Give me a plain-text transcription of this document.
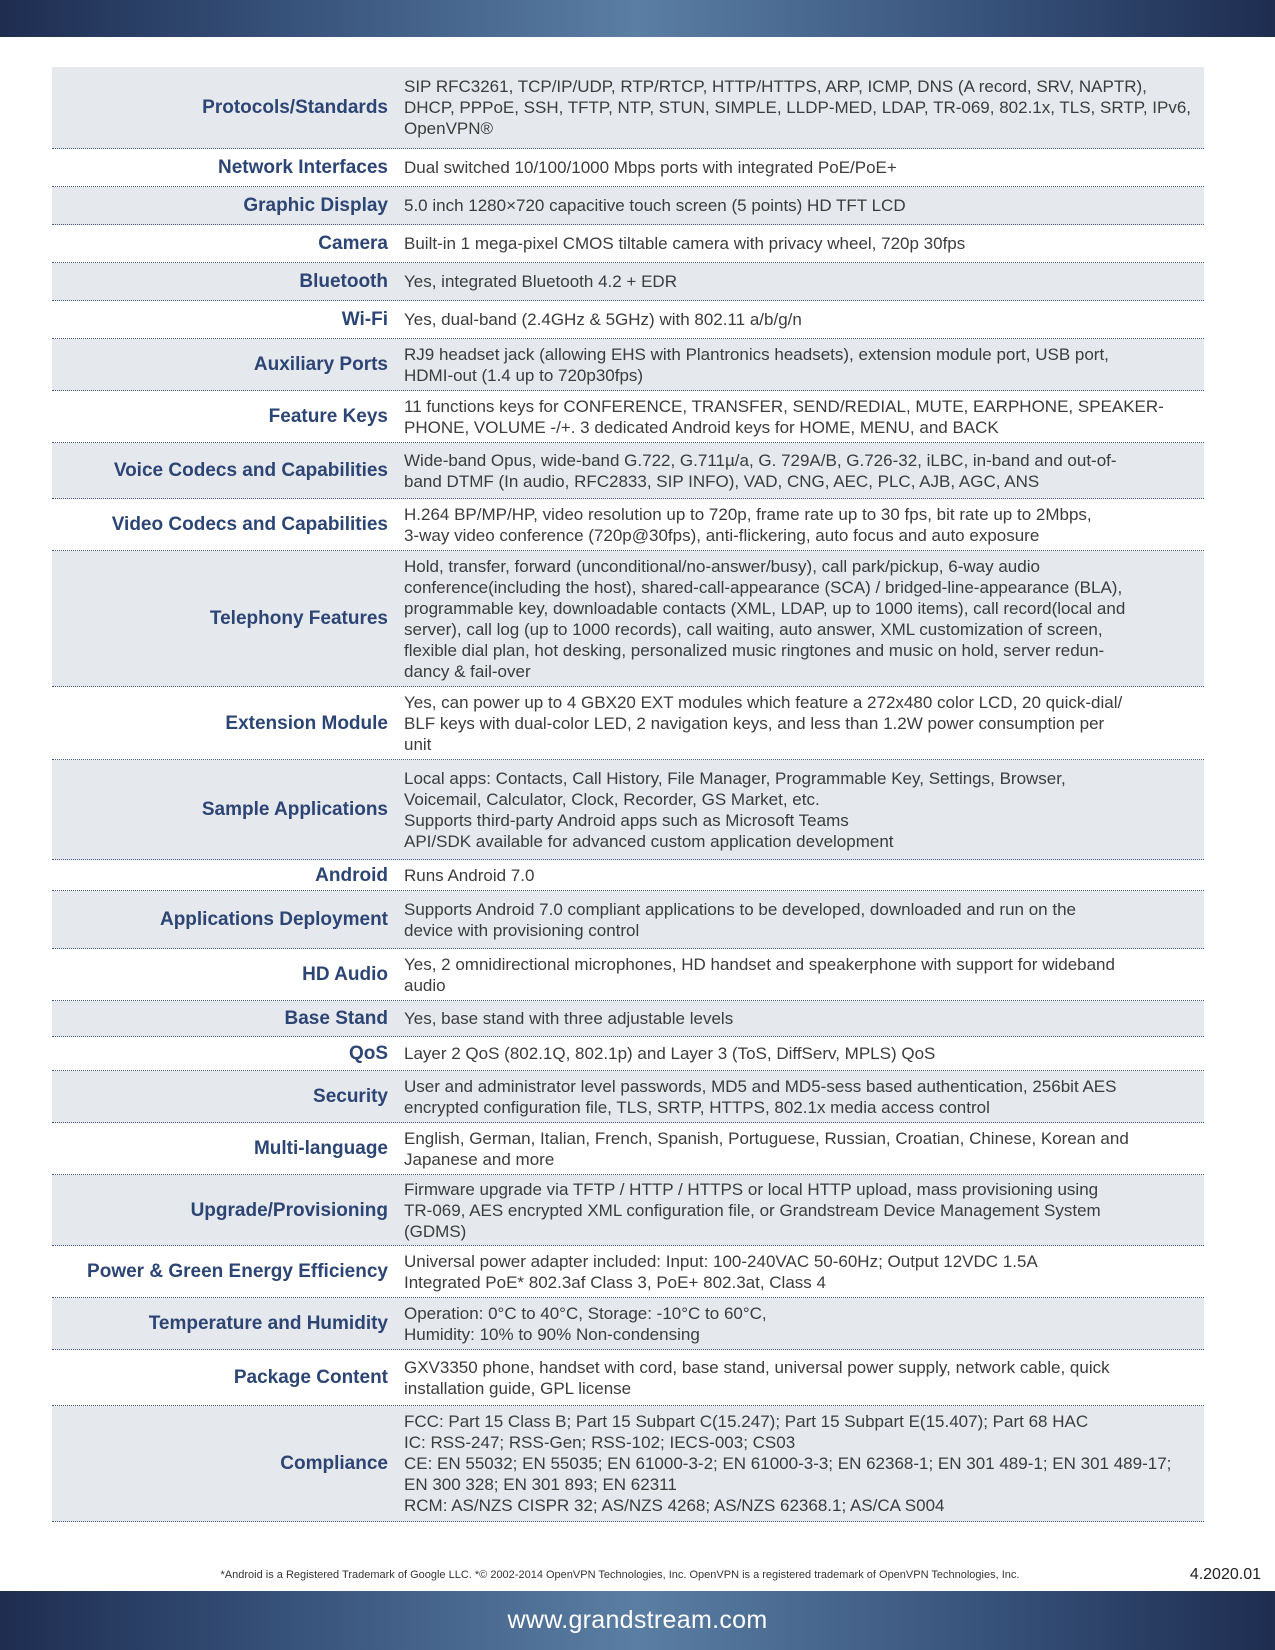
Protocols/Standards
SIP RFC3261, TCP/IP/UDP, RTP/RTCP, HTTP/HTTPS, ARP, ICMP, DNS (A record, SRV, NAPTR),
DHCP, PPPoE, SSH, TFTP, NTP, STUN, SIMPLE, LLDP-MED, LDAP, TR-069, 802.1x, TLS, SRTP, IPv6,
OpenVPN®
Network Interfaces Dual switched 10/100/1000 Mbps ports with integrated PoE/PoE+
Graphic Display 5.0 inch 1280×720 capacitive touch screen (5 points) HD TFT LCD
Camera Built-in 1 mega-pixel CMOS tiltable camera with privacy wheel, 720p 30fps
Bluetooth Yes, integrated Bluetooth 4.2 + EDR
Wi-Fi Yes, dual-band (2.4GHz & 5GHz) with 802.11 a/b/g/n
Auxiliary Ports RJ9 headset jack (allowing EHS with Plantronics headsets), extension module port, USB port,
HDMI-out (1.4 up to 720p30fps)
Feature Keys 11 functions keys for CONFERENCE, TRANSFER, SEND/REDIAL, MUTE, EARPHONE, SPEAKER-
PHONE, VOLUME -/+. 3 dedicated Android keys for HOME, MENU, and BACK
Voice Codecs and Capabilities Wide-band Opus, wide-band G.722, G.711µ/a, G. 729A/B, G.726-32, iLBC, in-band and out-of-
band DTMF (In audio, RFC2833, SIP INFO), VAD, CNG, AEC, PLC, AJB, AGC, ANS
Video Codecs and Capabilities H.264 BP/MP/HP, video resolution up to 720p, frame rate up to 30 fps, bit rate up to 2Mbps,
3-way video conference (720p@30fps), anti-flickering, auto focus and auto exposure
Telephony Features
Hold, transfer, forward (unconditional/no-answer/busy), call park/pickup, 6-way audio
conference(including the host), shared-call-appearance (SCA) / bridged-line-appearance (BLA),
programmable key, downloadable contacts (XML, LDAP, up to 1000 items), call record(local and
server), call log (up to 1000 records), call waiting, auto answer, XML customization of screen,
flexible dial plan, hot desking, personalized music ringtones and music on hold, server redun-
dancy & fail-over
Extension Module
Yes, can power up to 4 GBX20 EXT modules which feature a 272x480 color LCD, 20 quick-dial/
BLF keys with dual-color LED, 2 navigation keys, and less than 1.2W power consumption per
unit
Sample Applications
Local apps: Contacts, Call History, File Manager, Programmable Key, Settings, Browser,
Voicemail, Calculator, Clock, Recorder, GS Market, etc.
Supports third-party Android apps such as Microsoft Teams
API/SDK available for advanced custom application development
Android Runs Android 7.0
Applications Deployment Supports Android 7.0 compliant applications to be developed, downloaded and run on the
device with provisioning control
HD Audio Yes, 2 omnidirectional microphones, HD handset and speakerphone with support for wideband
audio
Base Stand Yes, base stand with three adjustable levels
QoS Layer 2 QoS (802.1Q, 802.1p) and Layer 3 (ToS, DiffServ, MPLS) QoS
Security User and administrator level passwords, MD5 and MD5-sess based authentication, 256bit AES
encrypted configuration file, TLS, SRTP, HTTPS, 802.1x media access control
Multi-language English, German, Italian, French, Spanish, Portuguese, Russian, Croatian, Chinese, Korean and
Japanese and more
Upgrade/Provisioning
Firmware upgrade via TFTP / HTTP / HTTPS or local HTTP upload, mass provisioning using
TR-069, AES encrypted XML configuration file, or Grandstream Device Management System
(GDMS)
Power & Green Energy Efficiency Universal power adapter included: Input: 100-240VAC 50-60Hz; Output 12VDC 1.5A
Integrated PoE* 802.3af Class 3, PoE+ 802.3at, Class 4
Temperature and Humidity Operation: 0°C to 40°C, Storage: -10°C to 60°C,
Humidity: 10% to 90% Non-condensing
Package Content GXV3350 phone, handset with cord, base stand, universal power supply, network cable, quick
installation guide, GPL license
Compliance
FCC: Part 15 Class B; Part 15 Subpart C(15.247); Part 15 Subpart E(15.407); Part 68 HAC
IC: RSS-247; RSS-Gen; RSS-102; IECS-003; CS03
CE: EN 55032; EN 55035; EN 61000-3-2; EN 61000-3-3; EN 62368-1; EN 301 489-1; EN 301 489-17;
EN 300 328; EN 301 893; EN 62311
RCM: AS/NZS CISPR 32; AS/NZS 4268; AS/NZS 62368.1; AS/CA S004
*Android is a Registered Trademark of Google LLC. *© 2002-2014 OpenVPN Technologies, Inc. OpenVPN is a registered trademark of OpenVPN Technologies, Inc.	4.2020.01
www.grandstream.com
